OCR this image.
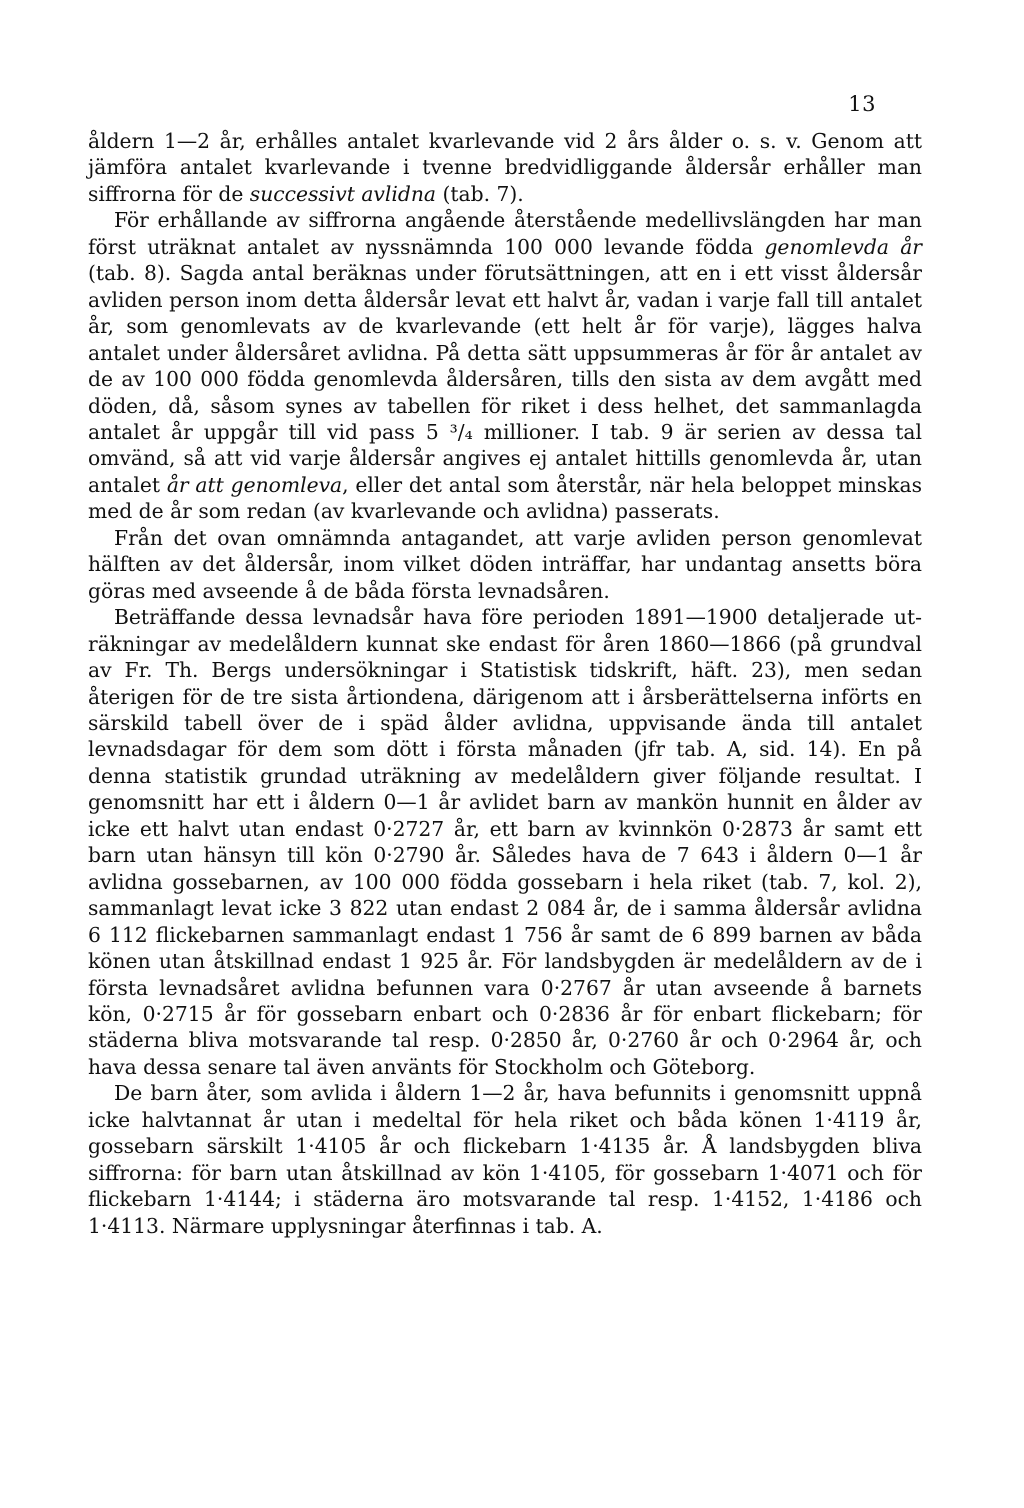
13

åldern 1—2 år, erhålles antalet kvarlevande vid 2 års ålder o. s. v. Genom att jämföra antalet kvarlevande i tvenne bredvidliggande åldersår erhåller man siffrorna för de successivt avlidna (tab. 7).

För erhållande av siffrorna angående återstående medellivslängden har man först uträknat antalet av nyssnämnda 100 000 levande födda genomlevda år (tab. 8). Sagda antal beräknas under förutsättningen, att en i ett visst åldersår avliden person inom detta åldersår levat ett halvt år, vadan i varje fall till antalet år, som genomlevats av de kvarlevande (ett helt år för varje), lägges halva antalet under åldersåret avlidna. På detta sätt uppsummeras år för år antalet av de av 100 000 födda genomlevda åldersåren, tills den sista av dem avgått med döden, då, såsom synes av tabellen för riket i dess helhet, det sammanlagda antalet år uppgår till vid pass 5 ³/₄ millioner. I tab. 9 är serien av dessa tal omvänd, så att vid varje åldersår angives ej antalet hittills genomlevda år, utan antalet år att genomleva, eller det antal som återstår, när hela beloppet minskas med de år som redan (av kvarlevande och avlidna) passerats.

Från det ovan omnämnda antagandet, att varje avliden person genomlevat hälften av det åldersår, inom vilket döden inträffar, har undantag ansetts böra göras med avseende å de båda första levnadsåren.

Beträffande dessa levnadsår hava före perioden 1891—1900 detaljerade uträkningar av medelåldern kunnat ske endast för åren 1860—1866 (på grundval av Fr. Th. Bergs undersökningar i Statistisk tidskrift, häft. 23), men sedan återigen för de tre sista årtiondena, därigenom att i årsberättelserna införts en särskild tabell över de i späd ålder avlidna, uppvisande ända till antalet levnadsdagar för dem som dött i första månaden (jfr tab. A, sid. 14). En på denna statistik grundad uträkning av medelåldern giver följande resultat. I genomsnitt har ett i åldern 0—1 år avlidet barn av mankön hunnit en ålder av icke ett halvt utan endast 0·2727 år, ett barn av kvinnkön 0·2873 år samt ett barn utan hänsyn till kön 0·2790 år. Således hava de 7 643 i åldern 0—1 år avlidna gossebarnen, av 100 000 födda gossebarn i hela riket (tab. 7, kol. 2), sammanlagt levat icke 3 822 utan endast 2 084 år, de i samma åldersår avlidna 6 112 flickebarnen sammanlagt endast 1 756 år samt de 6 899 barnen av båda könen utan åtskillnad endast 1 925 år. För landsbygden är medelåldern av de i första levnadsåret avlidna befunnen vara 0·2767 år utan avseende å barnets kön, 0·2715 år för gossebarn enbart och 0·2836 år för enbart flickebarn; för städerna bliva motsvarande tal resp. 0·2850 år, 0·2760 år och 0·2964 år, och hava dessa senare tal även använts för Stockholm och Göteborg.

De barn åter, som avlida i åldern 1—2 år, hava befunnits i genomsnitt uppnå icke halvtannat år utan i medeltal för hela riket och båda könen 1·4119 år, gossebarn särskilt 1·4105 år och flickebarn 1·4135 år. Å landsbygden bliva siffrorna: för barn utan åtskillnad av kön 1·4105, för gossebarn 1·4071 och för flickebarn 1·4144; i städerna äro motsvarande tal resp. 1·4152, 1·4186 och 1·4113. Närmare upplysningar återfinnas i tab. A.
